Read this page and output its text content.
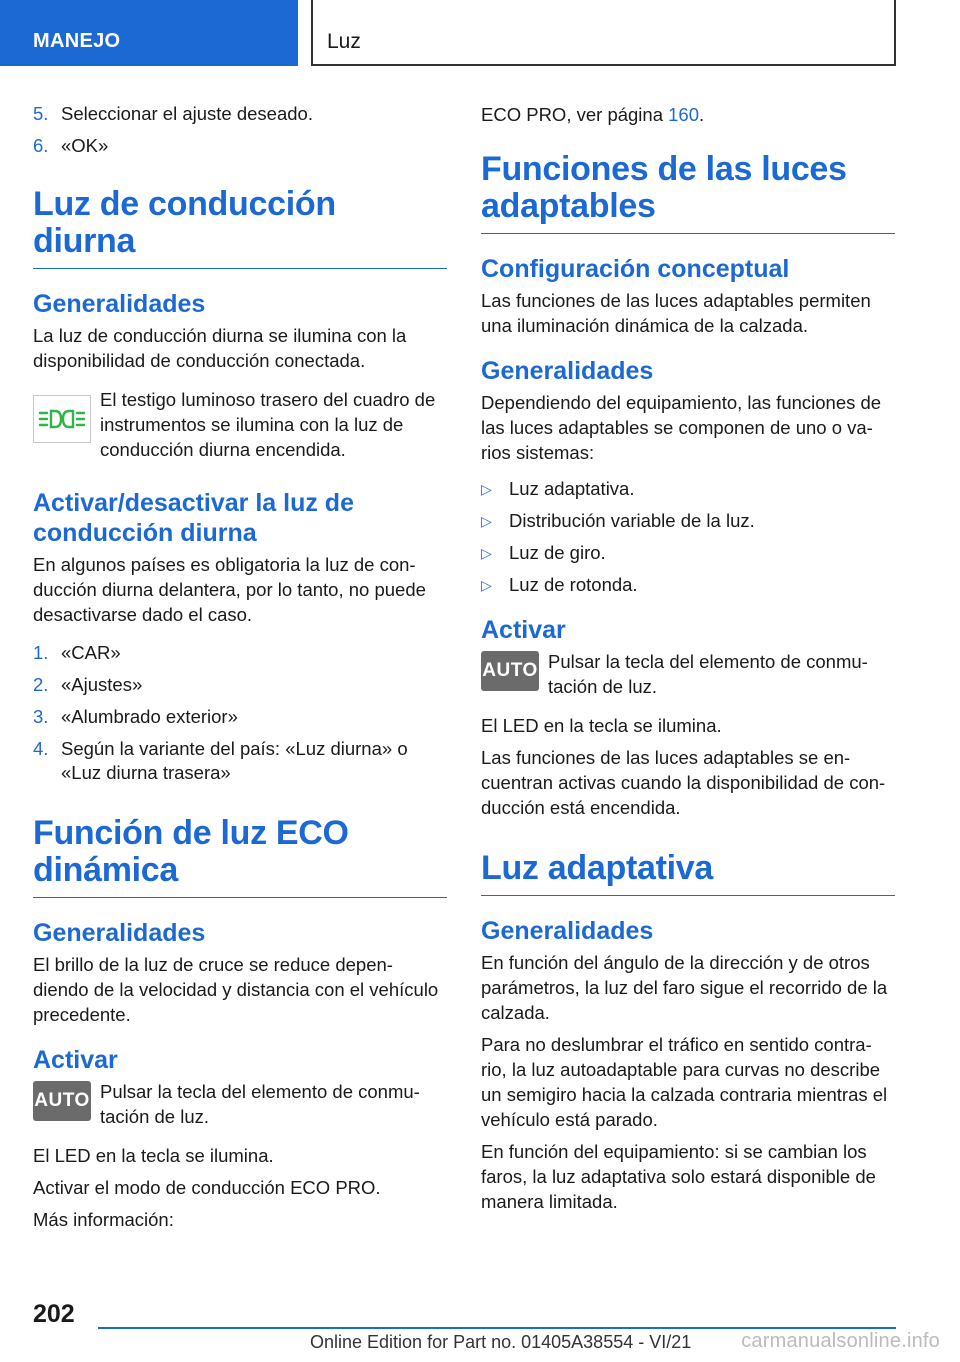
MANEJO	Luz
5. Seleccionar el ajuste deseado.
6. «OK»
Luz de conducción diurna
Generalidades

La luz de conducción diurna se ilumina con la disponibilidad de conducción conectada.

El testigo luminoso trasero del cuadro de instrumentos se ilumina con la luz de conducción diurna encendida.
Activar/desactivar la luz de conducción diurna

En algunos países es obligatoria la luz de con-ducción diurna delantera, por lo tanto, no puede desactivarse dado el caso.

1. «CAR»
2. «Ajustes»
3. «Alumbrado exterior»
4. Según la variante del país: «Luz diurna» o «Luz diurna trasera»
Función de luz ECO dinámica
Generalidades

El brillo de la luz de cruce se reduce depen-diendo de la velocidad y distancia con el vehículo precedente.

Activar
AUTO Pulsar la tecla del elemento de conmu-tación de luz.

El LED en la tecla se ilumina.

Activar el modo de conducción ECO PRO.

Más información:

ECO PRO, ver página 160.

Funciones de las luces adaptables
Configuración conceptual

Las funciones de las luces adaptables permiten una iluminación dinámica de la calzada.

Generalidades

Dependiendo del equipamiento, las funciones de las luces adaptables se componen de uno o va-rios sistemas:

▷ Luz adaptativa.
▷ Distribución variable de la luz.
▷ Luz de giro.
▷ Luz de rotonda.
Activar
AUTO Pulsar la tecla del elemento de conmu-tación de luz.

El LED en la tecla se ilumina.

Las funciones de las luces adaptables se en-cuentran activas cuando la disponibilidad de con-ducción está encendida.

Luz adaptativa
Generalidades

En función del ángulo de la dirección y de otros parámetros, la luz del faro sigue el recorrido de la calzada.

Para no deslumbrar el tráfico en sentido contra-rio, la luz autoadaptable para curvas no describe un semigiro hacia la calzada contraria mientras el vehículo está parado.

En función del equipamiento: si se cambian los faros, la luz adaptativa solo estará disponible de manera limitada.

202
Online Edition for Part no. 01405A38554 - VI/21 carmanualsonline.info
